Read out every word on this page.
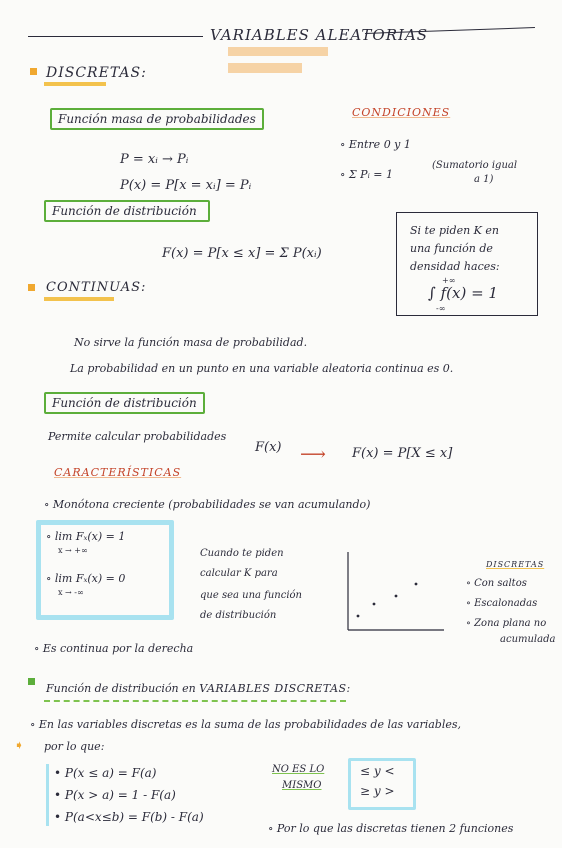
VARIABLES ALEATORIAS
DISCRETAS:
Función masa de probabilidades
P = xᵢ → Pᵢ
P(x) = P[x = xᵢ] = Pᵢ
Función de distribución
F(x) = P[x ≤ x] = Σ P(xᵢ)
CONDICIONES
∘ Entre 0 y 1
∘ Σ Pᵢ = 1
(Sumatorio igual
a 1)
Si te piden K en
una función de
densidad haces:
∫ f(x) = 1
+∞
-∞
CONTINUAS:
No sirve la función masa de probabilidad.
La probabilidad en un punto en una variable aleatoria continua es 0.
Función de distribución
Permite calcular probabilidades
F(x) ⟶ F(x) = P[X ≤ x]
CARACTERÍSTICAS
∘ Monótona creciente (probabilidades se van acumulando)
∘ lim Fₓ(x) = 1
x → +∞
∘ lim Fₓ(x) = 0
x → -∞
Cuando te piden
calcular K para
que sea una función
de distribución
DISCRETAS
∘ Con saltos
∘ Escalonadas
∘ Zona plana no
acumulada
∘ Es continua por la derecha
Función de distribución en VARIABLES DISCRETAS:
∘ En las variables discretas es la suma de las probabilidades de las variables,
➧ por lo que:
• P(x ≤ a) = F(a)
• P(x > a) = 1 - F(a)
• P(a<x≤b) = F(b) - F(a)
NO ES LO
MISMO
≤ y <
≥ y >
∘ Por lo que las discretas tienen 2 funciones
